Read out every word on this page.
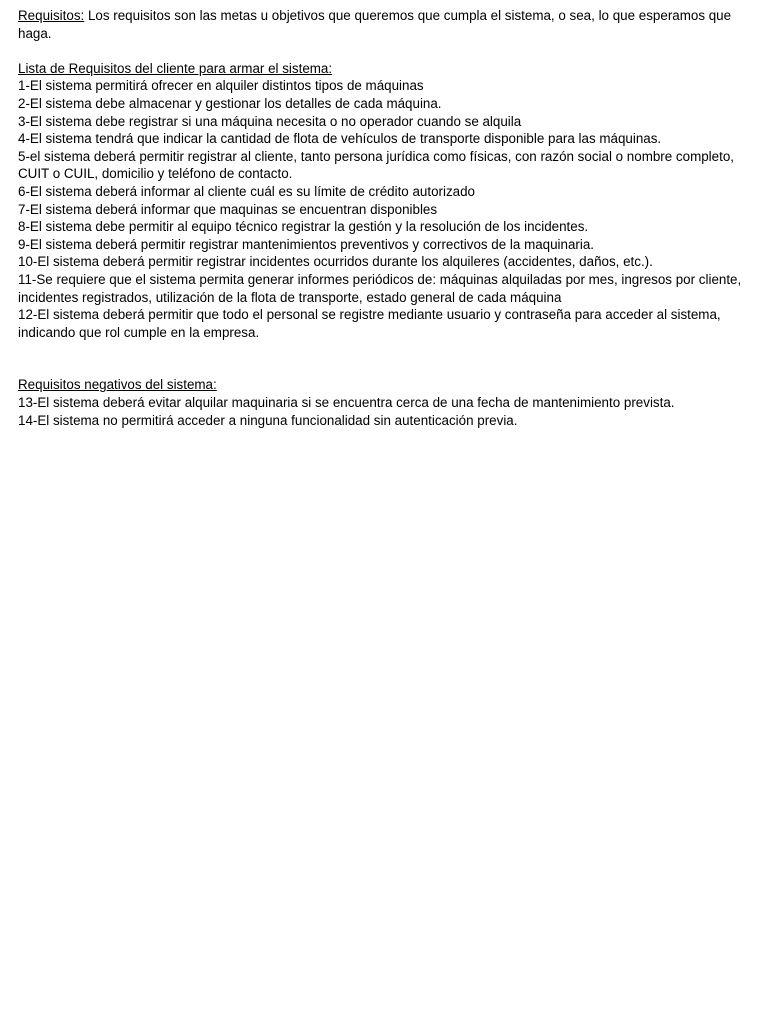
Requisitos: Los requisitos son las metas u objetivos que queremos que cumpla el sistema, o sea, lo que esperamos que haga.

Lista de Requisitos del cliente para armar el sistema:

1-El sistema permitirá ofrecer en alquiler distintos tipos de máquinas
2-El sistema debe almacenar y gestionar los detalles de cada máquina.
3-El sistema debe registrar si una máquina necesita o no operador cuando se alquila
4-El sistema tendrá que indicar la cantidad de flota de vehículos de transporte disponible para las máquinas.
5-el sistema deberá permitir registrar al cliente, tanto persona jurídica como físicas, con razón social o nombre completo, CUIT o CUIL, domicilio y teléfono de contacto.
6-El sistema deberá informar al cliente cuál es su límite de crédito autorizado
7-El sistema deberá informar que maquinas se encuentran disponibles
8-El sistema debe permitir al equipo técnico registrar la gestión y la resolución de los incidentes.
9-El sistema deberá permitir registrar mantenimientos preventivos y correctivos de la maquinaria.
10-El sistema deberá permitir registrar incidentes ocurridos durante los alquileres (accidentes, daños, etc.).
11-Se requiere que el sistema permita generar informes periódicos de: máquinas alquiladas por mes, ingresos por cliente, incidentes registrados, utilización de la flota de transporte, estado general de cada máquina
12-El sistema deberá permitir que todo el personal se registre mediante usuario y contraseña para acceder al sistema, indicando que rol cumple en la empresa.

Requisitos negativos del sistema:

13-El sistema deberá evitar alquilar maquinaria si se encuentra cerca de una fecha de mantenimiento prevista.
14-El sistema no permitirá acceder a ninguna funcionalidad sin autenticación previa.
